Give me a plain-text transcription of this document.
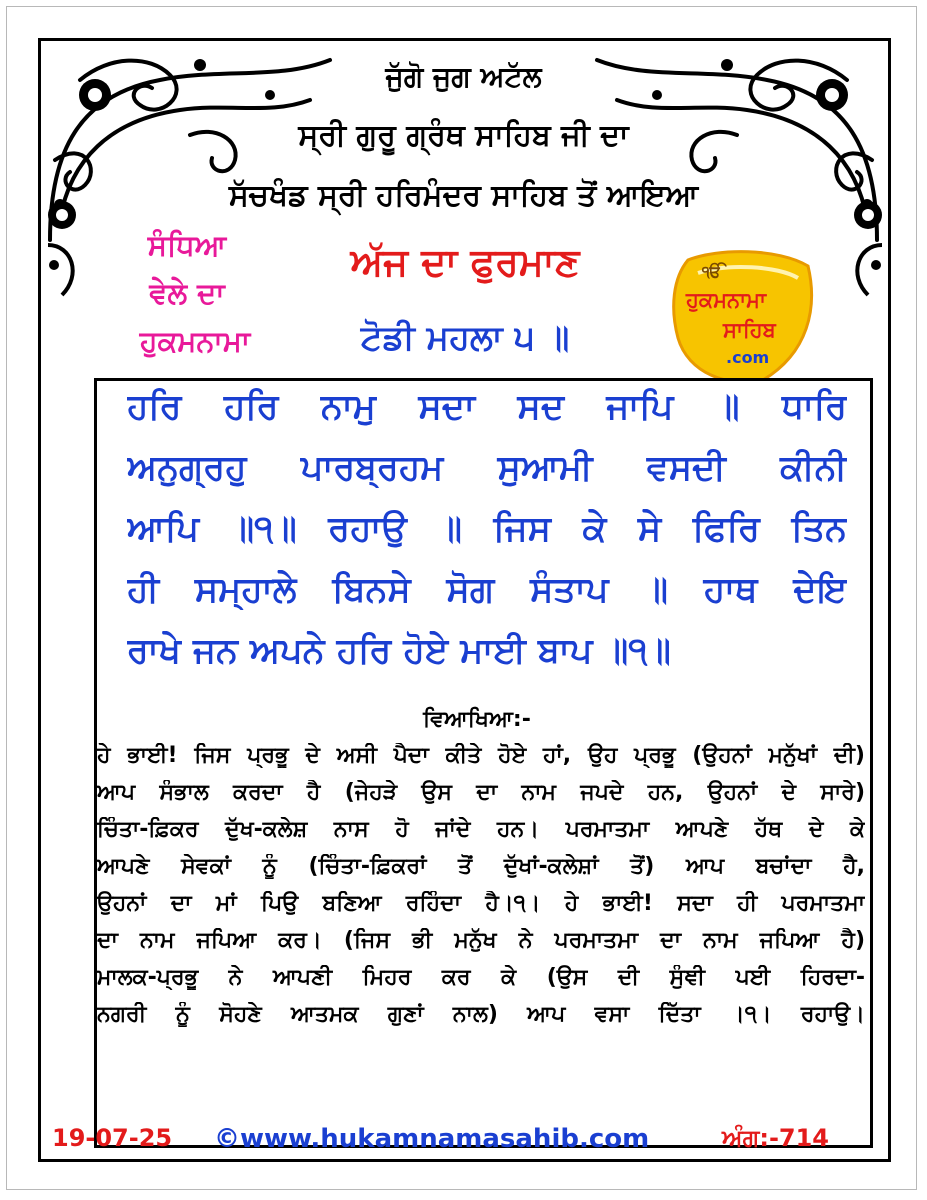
ਜੁੱਗੋ ਜੁਗ ਅਟੱਲ
ਸ੍ਰੀ ਗੁਰੂ ਗ੍ਰੰਥ ਸਾਹਿਬ ਜੀ ਦਾ
ਸੱਚਖੰਡ ਸ੍ਰੀ ਹਰਿਮੰਦਰ ਸਾਹਿਬ ਤੋਂ ਆਇਆ
ਸੰਧਿਆ
ਵੇਲੇ ਦਾ
ਹੁਕਮਨਾਮਾ
ਅੱਜ ਦਾ ਫੁਰਮਾਣ
ਟੋਡੀ ਮਹਲਾ ੫ ॥
ੴ
ਹੁਕਮਨਾਮਾ
ਸਾਹਿਬ
.com
ਹਰਿ ਹਰਿ ਨਾਮੁ ਸਦਾ ਸਦ ਜਾਪਿ ॥ ਧਾਰਿ
ਅਨੁਗ੍ਰਹੁ ਪਾਰਬ੍ਰਹਮ ਸੁਆਮੀ ਵਸਦੀ ਕੀਨੀ
ਆਪਿ ॥੧॥ ਰਹਾਉ ॥ ਜਿਸ ਕੇ ਸੇ ਫਿਰਿ ਤਿਨ
ਹੀ ਸਮ੍ਹਾਲੇ ਬਿਨਸੇ ਸੋਗ ਸੰਤਾਪ ॥ ਹਾਥ ਦੇਇ
ਰਾਖੇ ਜਨ ਅਪਨੇ ਹਰਿ ਹੋਏ ਮਾਈ ਬਾਪ ॥੧॥
ਵਿਆਖਿਆ:-
ਹੇ ਭਾਈ! ਜਿਸ ਪ੍ਰਭੂ ਦੇ ਅਸੀ ਪੈਦਾ ਕੀਤੇ ਹੋਏ ਹਾਂ, ਉਹ ਪ੍ਰਭੂ (ਉਹਨਾਂ ਮਨੁੱਖਾਂ ਦੀ)
ਆਪ ਸੰਭਾਲ ਕਰਦਾ ਹੈ (ਜੇਹੜੇ ਉਸ ਦਾ ਨਾਮ ਜਪਦੇ ਹਨ, ਉਹਨਾਂ ਦੇ ਸਾਰੇ)
ਚਿੰਤਾ-ਫ਼ਿਕਰ ਦੁੱਖ-ਕਲੇਸ਼ ਨਾਸ ਹੋ ਜਾਂਦੇ ਹਨ। ਪਰਮਾਤਮਾ ਆਪਣੇ ਹੱਥ ਦੇ ਕੇ
ਆਪਣੇ ਸੇਵਕਾਂ ਨੂੰ (ਚਿੰਤਾ-ਫ਼ਿਕਰਾਂ ਤੋਂ ਦੁੱਖਾਂ-ਕਲੇਸ਼ਾਂ ਤੋਂ) ਆਪ ਬਚਾਂਦਾ ਹੈ,
ਉਹਨਾਂ ਦਾ ਮਾਂ ਪਿਉ ਬਣਿਆ ਰਹਿੰਦਾ ਹੈ।੧। ਹੇ ਭਾਈ! ਸਦਾ ਹੀ ਪਰਮਾਤਮਾ
ਦਾ ਨਾਮ ਜਪਿਆ ਕਰ। (ਜਿਸ ਭੀ ਮਨੁੱਖ ਨੇ ਪਰਮਾਤਮਾ ਦਾ ਨਾਮ ਜਪਿਆ ਹੈ)
ਮਾਲਕ-ਪ੍ਰਭੂ ਨੇ ਆਪਣੀ ਮਿਹਰ ਕਰ ਕੇ (ਉਸ ਦੀ ਸੁੰਞੀ ਪਈ ਹਿਰਦਾ-
ਨਗਰੀ ਨੂੰ ਸੋਹਣੇ ਆਤਮਕ ਗੁਣਾਂ ਨਾਲ) ਆਪ ਵਸਾ ਦਿੱਤਾ ।੧। ਰਹਾਉ।
19-07-25 ©www.hukamnamasahib.com	ਅੰਗ:-714
